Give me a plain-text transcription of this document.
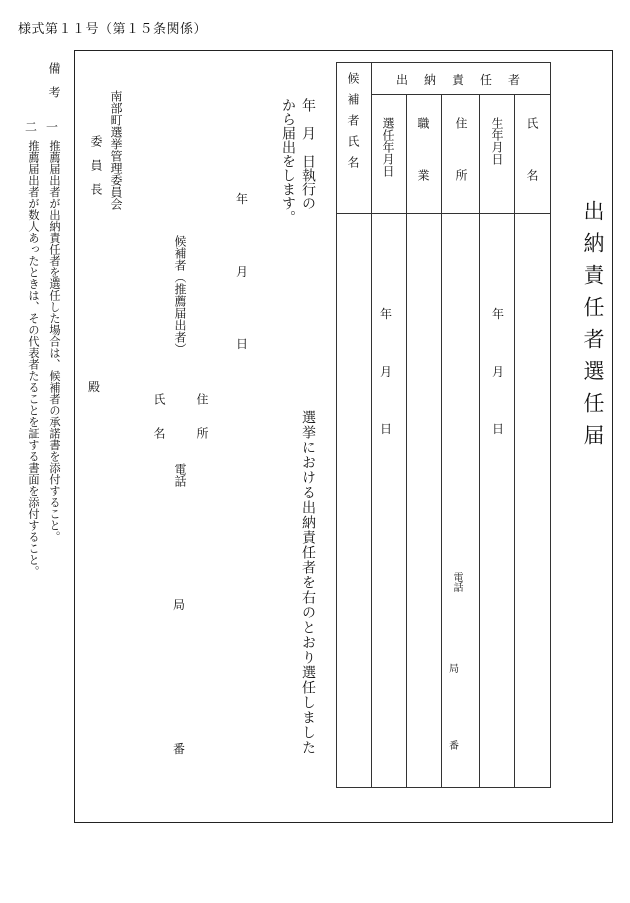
様式第１１号（第１５条関係）
出納責任者選任届
候補者氏名	出　納　責　任　者
選任年月日 職　業 住　所 生年月日 氏　名
年
月
日
年
月
日
電話
局
番
選挙における出納責任者を右のとおり選任しました
年　月　日執行の
から届出をします。
年
月
日
候補者（推薦届出者）
住　所
氏　名
電話
局
番
南部町選挙管理委員会
委　員　長
殿
備　考
一
推薦届出者が出納責任者を選任した場合は、候補者の承諾書を添付すること。
二
推薦届出者が数人あったときは、その代表者たることを証する書面を添付すること。
